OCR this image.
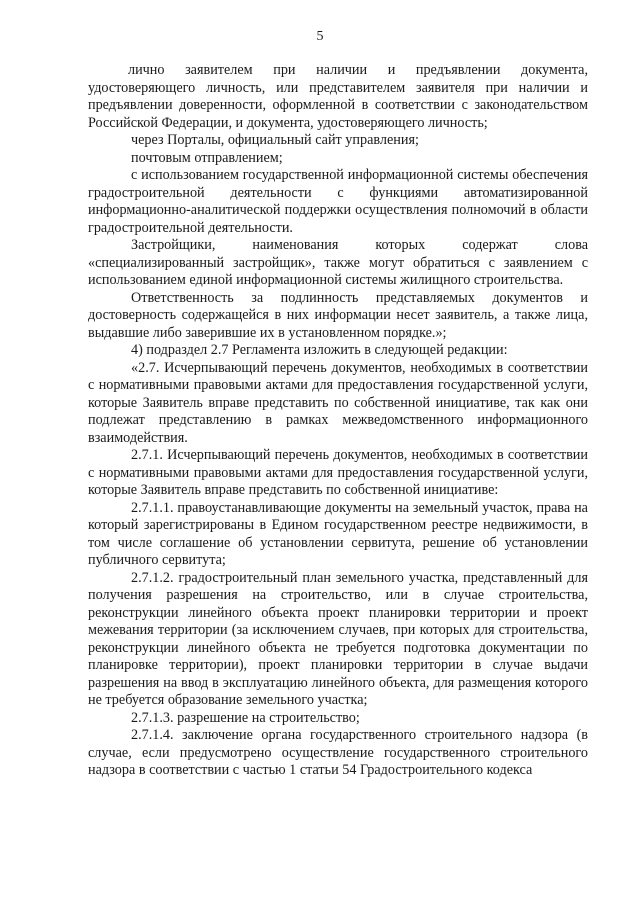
5

лично заявителем при наличии и предъявлении документа, удостоверяющего личность, или представителем заявителя при наличии и предъявлении доверенности, оформленной в соответствии с законодательством Российской Федерации, и документа, удостоверяющего личность;

через Порталы, официальный сайт управления;

почтовым отправлением;

с использованием государственной информационной системы обеспечения градостроительной деятельности с функциями автоматизированной информационно-аналитической поддержки осуществления полномочий в области градостроительной деятельности.

Застройщики, наименования которых содержат слова «специализированный застройщик», также могут обратиться с заявлением с использованием единой информационной системы жилищного строительства.

Ответственность за подлинность представляемых документов и достоверность содержащейся в них информации несет заявитель, а также лица, выдавшие либо заверившие их в установленном порядке.»;

4) подраздел 2.7 Регламента изложить в следующей редакции:

«2.7. Исчерпывающий перечень документов, необходимых в соответствии с нормативными правовыми актами для предоставления государственной услуги, которые Заявитель вправе представить по собственной инициативе, так как они подлежат представлению в рамках межведомственного информационного взаимодействия.

2.7.1. Исчерпывающий перечень документов, необходимых в соответствии с нормативными правовыми актами для предоставления государственной услуги, которые Заявитель вправе представить по собственной инициативе:

2.7.1.1. правоустанавливающие документы на земельный участок, права на который зарегистрированы в Едином государственном реестре недвижимости, в том числе соглашение об установлении сервитута, решение об установлении публичного сервитута;

2.7.1.2. градостроительный план земельного участка, представленный для получения разрешения на строительство, или в случае строительства, реконструкции линейного объекта проект планировки территории и проект межевания территории (за исключением случаев, при которых для строительства, реконструкции линейного объекта не требуется подготовка документации по планировке территории), проект планировки территории в случае выдачи разрешения на ввод в эксплуатацию линейного объекта, для размещения которого не требуется образование земельного участка;

2.7.1.3. разрешение на строительство;

2.7.1.4. заключение органа государственного строительного надзора (в случае, если предусмотрено осуществление государственного строительного надзора в соответствии с частью 1 статьи 54 Градостроительного кодекса
